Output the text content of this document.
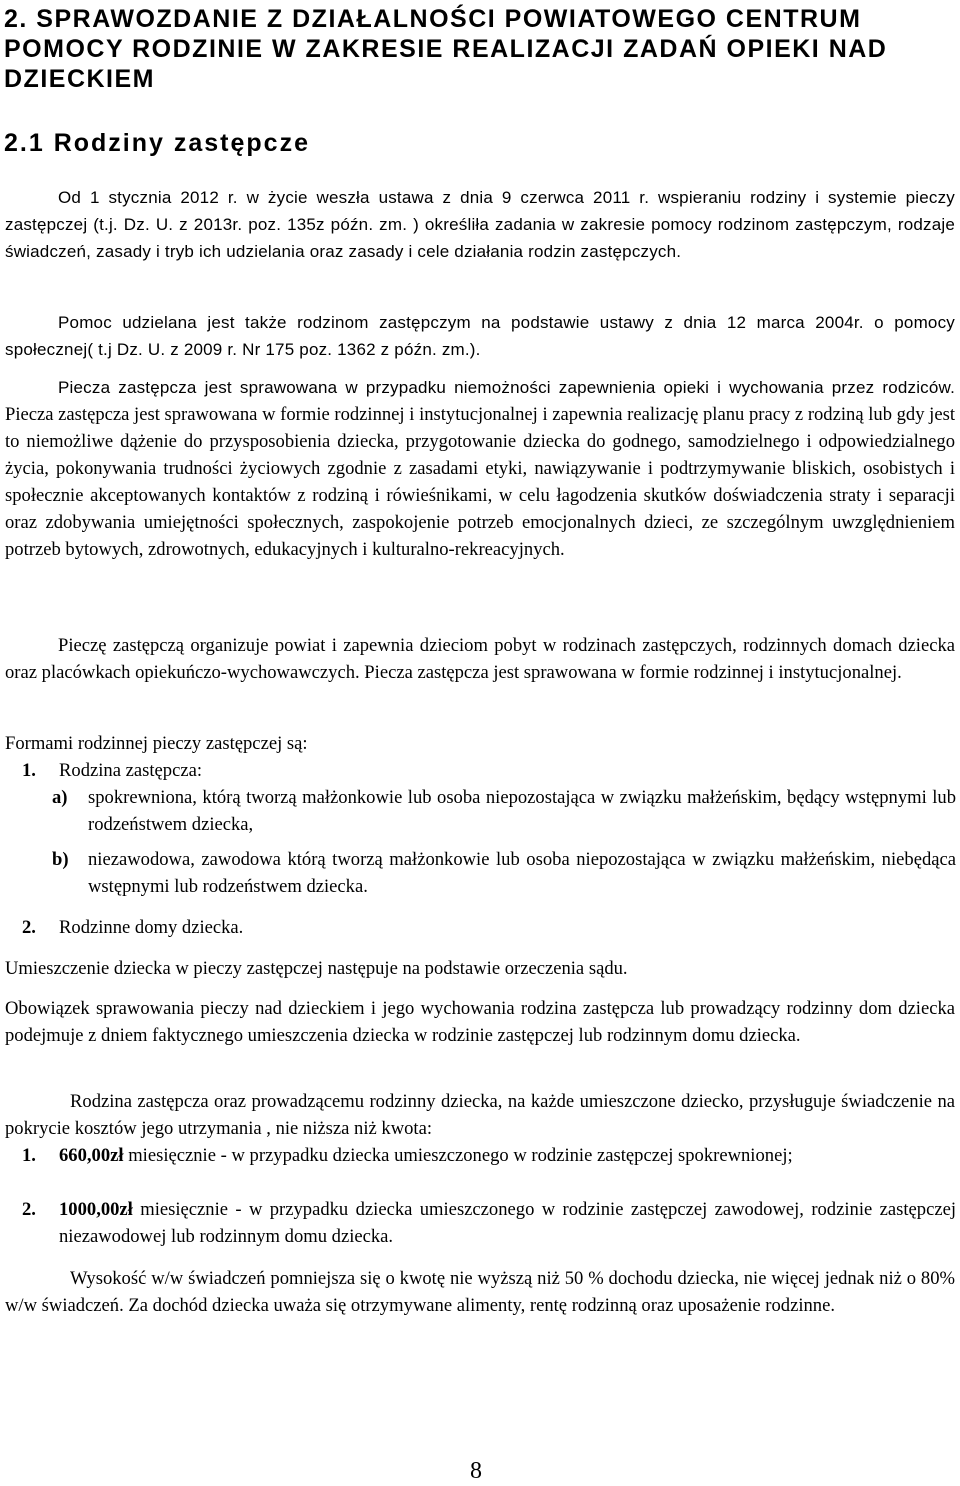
2. SPRAWOZDANIE Z DZIAŁALNOŚCI POWIATOWEGO CENTRUM POMOCY RODZINIE W ZAKRESIE REALIZACJI ZADAŃ OPIEKI NAD DZIECKIEM
2.1 Rodziny zastępcze

Od 1 stycznia 2012 r. w życie weszła ustawa z dnia 9 czerwca 2011 r. wspieraniu rodziny i systemie pieczy zastępczej (t.j. Dz. U. z 2013r. poz. 135z późn. zm. ) określiła zadania w zakresie pomocy rodzinom zastępczym, rodzaje świadczeń, zasady i tryb ich udzielania oraz zasady i cele działania rodzin zastępczych.

Pomoc udzielana jest także rodzinom zastępczym na podstawie ustawy z dnia 12 marca 2004r. o pomocy społecznej( t.j Dz. U. z 2009 r. Nr 175 poz. 1362 z późn. zm.).

Piecza zastępcza jest sprawowana w przypadku niemożności zapewnienia opieki i wychowania przez rodziców. Piecza zastępcza jest sprawowana w formie rodzinnej i instytucjonalnej i zapewnia realizację planu pracy z rodziną lub gdy jest to niemożliwe dążenie do przysposobienia dziecka, przygotowanie dziecka do godnego, samodzielnego i odpowiedzialnego życia, pokonywania trudności życiowych zgodnie z zasadami etyki, nawiązywanie i podtrzymywanie bliskich, osobistych i społecznie akceptowanych kontaktów z rodziną i rówieśnikami, w celu łagodzenia skutków doświadczenia straty i separacji oraz zdobywania umiejętności społecznych, zaspokojenie potrzeb emocjonalnych dzieci, ze szczególnym uwzględnieniem potrzeb bytowych, zdrowotnych, edukacyjnych i kulturalno-rekreacyjnych.

Pieczę zastępczą organizuje powiat i zapewnia dzieciom pobyt w rodzinach zastępczych, rodzinnych domach dziecka oraz placówkach opiekuńczo-wychowawczych. Piecza zastępcza jest sprawowana w formie rodzinnej i instytucjonalnej.

Formami rodzinnej pieczy zastępczej są:

1. Rodzina zastępcza:

a) spokrewniona, którą tworzą małżonkowie lub osoba niepozostająca w związku małżeńskim, będący wstępnymi lub rodzeństwem dziecka,

b) niezawodowa, zawodowa którą tworzą małżonkowie lub osoba niepozostająca w związku małżeńskim, niebędąca wstępnymi lub rodzeństwem dziecka.

2. Rodzinne domy dziecka.

Umieszczenie dziecka w pieczy zastępczej następuje na podstawie orzeczenia sądu.

Obowiązek sprawowania pieczy nad dzieckiem i jego wychowania rodzina zastępcza lub prowadzący rodzinny dom dziecka podejmuje z dniem faktycznego umieszczenia dziecka w rodzinie zastępczej lub rodzinnym domu dziecka.

Rodzina zastępcza oraz prowadzącemu rodzinny dziecka, na każde umieszczone dziecko, przysługuje świadczenie na pokrycie kosztów jego utrzymania , nie niższa niż kwota:

1. 660,00zł miesięcznie - w przypadku dziecka umieszczonego w rodzinie zastępczej spokrewnionej;

2. 1000,00zł miesięcznie - w przypadku dziecka umieszczonego w rodzinie zastępczej zawodowej, rodzinie zastępczej niezawodowej lub rodzinnym domu dziecka.

Wysokość w/w świadczeń pomniejsza się o kwotę nie wyższą niż 50 % dochodu dziecka, nie więcej jednak niż o 80% w/w świadczeń. Za dochód dziecka uważa się otrzymywane alimenty, rentę rodzinną oraz uposażenie rodzinne.

8
